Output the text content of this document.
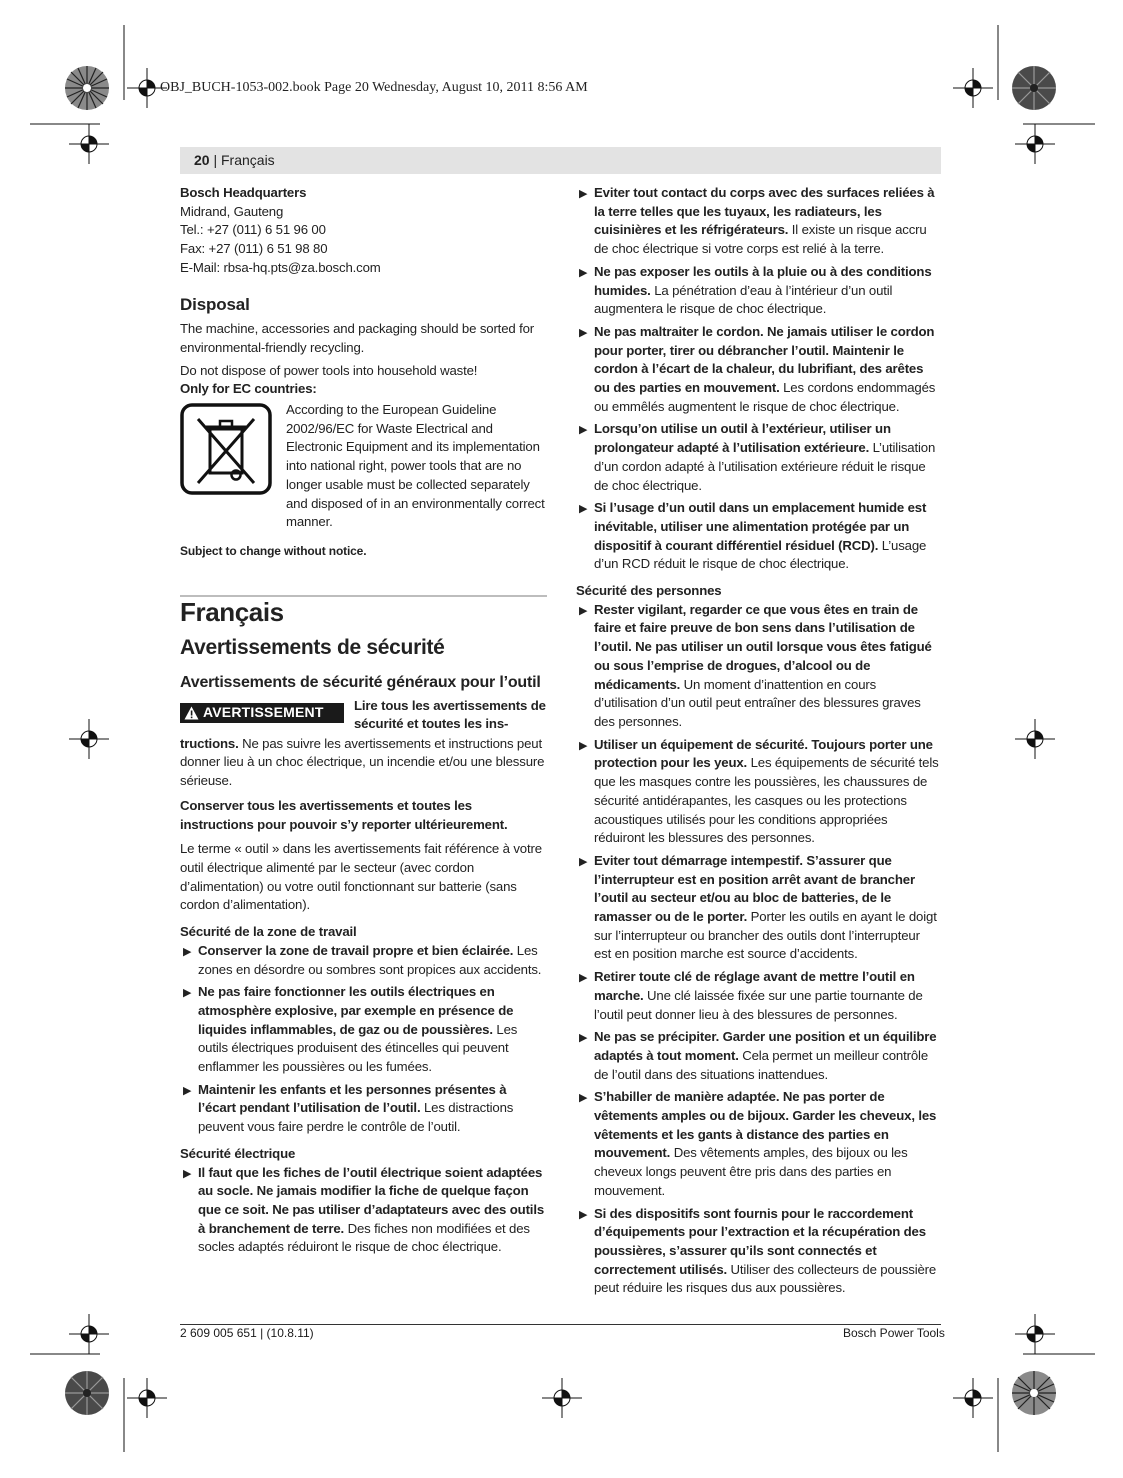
OBJ_BUCH-1053-002.book Page 20 Wednesday, August 10, 2011 8:56 AM
20 | Français

Bosch Headquarters

Midrand, Gauteng

Tel.: +27 (011) 6 51 96 00

Fax: +27 (011) 6 51 98 80

E-Mail: rbsa-hq.pts@za.bosch.com

Disposal

The machine, accessories and packaging should be sorted for environmental-friendly recycling.

Do not dispose of power tools into household waste!

Only for EC countries:

According to the European Guideline 2002/96/EC for Waste Electrical and Electronic Equipment and its implementation into national right, power tools that are no longer usable must be collected separately and disposed of in an environmentally correct manner.

Subject to change without notice.

Français
Avertissements de sécurité
Avertissements de sécurité généraux pour l’outil
AVERTISSEMENT Lire tous les avertissements de sécurité et toutes les ins-

tructions. Ne pas suivre les avertissements et instructions peut donner lieu à un choc électrique, un incendie et/ou une blessure sérieuse.

Conserver tous les avertissements et toutes les instructions pour pouvoir s’y reporter ultérieurement.

Le terme « outil » dans les avertissements fait référence à votre outil électrique alimenté par le secteur (avec cordon d’alimentation) ou votre outil fonctionnant sur batterie (sans cordon d’alimentation).

Sécurité de la zone de travail

▶ Conserver la zone de travail propre et bien éclairée. Les zones en désordre ou sombres sont propices aux accidents.
▶ Ne pas faire fonctionner les outils électriques en atmosphère explosive, par exemple en présence de liquides inflammables, de gaz ou de poussières. Les outils électriques produisent des étincelles qui peuvent enflammer les poussières ou les fumées.
▶ Maintenir les enfants et les personnes présentes à l’écart pendant l’utilisation de l’outil. Les distractions peuvent vous faire perdre le contrôle de l’outil.

Sécurité électrique

▶ Il faut que les fiches de l’outil électrique soient adaptées au socle. Ne jamais modifier la fiche de quelque façon que ce soit. Ne pas utiliser d’adaptateurs avec des outils à branchement de terre. Des fiches non modifiées et des socles adaptés réduiront le risque de choc électrique.
▶ Eviter tout contact du corps avec des surfaces reliées à la terre telles que les tuyaux, les radiateurs, les cuisinières et les réfrigérateurs. Il existe un risque accru de choc électrique si votre corps est relié à la terre.
▶ Ne pas exposer les outils à la pluie ou à des conditions humides. La pénétration d’eau à l’intérieur d’un outil augmentera le risque de choc électrique.
▶ Ne pas maltraiter le cordon. Ne jamais utiliser le cordon pour porter, tirer ou débrancher l’outil. Maintenir le cordon à l’écart de la chaleur, du lubrifiant, des arêtes ou des parties en mouvement. Les cordons endommagés ou emmêlés augmentent le risque de choc électrique.
▶ Lorsqu’on utilise un outil à l’extérieur, utiliser un prolongateur adapté à l’utilisation extérieure. L’utilisation d’un cordon adapté à l’utilisation extérieure réduit le risque de choc électrique.
▶ Si l’usage d’un outil dans un emplacement humide est inévitable, utiliser une alimentation protégée par un dispositif à courant différentiel résiduel (RCD). L’usage d’un RCD réduit le risque de choc électrique.

Sécurité des personnes

▶ Rester vigilant, regarder ce que vous êtes en train de faire et faire preuve de bon sens dans l’utilisation de l’outil. Ne pas utiliser un outil lorsque vous êtes fatigué ou sous l’emprise de drogues, d’alcool ou de médicaments. Un moment d’inattention en cours d’utilisation d’un outil peut entraîner des blessures graves des personnes.
▶ Utiliser un équipement de sécurité. Toujours porter une protection pour les yeux. Les équipements de sécurité tels que les masques contre les poussières, les chaussures de sécurité antidérapantes, les casques ou les protections acoustiques utilisés pour les conditions appropriées réduiront les blessures des personnes.
▶ Eviter tout démarrage intempestif. S’assurer que l’interrupteur est en position arrêt avant de brancher l’outil au secteur et/ou au bloc de batteries, de le ramasser ou de le porter. Porter les outils en ayant le doigt sur l’interrupteur ou brancher des outils dont l’interrupteur est en position marche est source d’accidents.
▶ Retirer toute clé de réglage avant de mettre l’outil en marche. Une clé laissée fixée sur une partie tournante de l’outil peut donner lieu à des blessures de personnes.
▶ Ne pas se précipiter. Garder une position et un équilibre adaptés à tout moment. Cela permet un meilleur contrôle de l’outil dans des situations inattendues.
▶ S’habiller de manière adaptée. Ne pas porter de vêtements amples ou de bijoux. Garder les cheveux, les vêtements et les gants à distance des parties en mouvement. Des vêtements amples, des bijoux ou les cheveux longs peuvent être pris dans des parties en mouvement.
▶ Si des dispositifs sont fournis pour le raccordement d’équipements pour l’extraction et la récupération des poussières, s’assurer qu’ils sont connectés et correctement utilisés. Utiliser des collecteurs de poussière peut réduire les risques dus aux poussières.
2 609 005 651 | (10.8.11)	Bosch Power Tools
